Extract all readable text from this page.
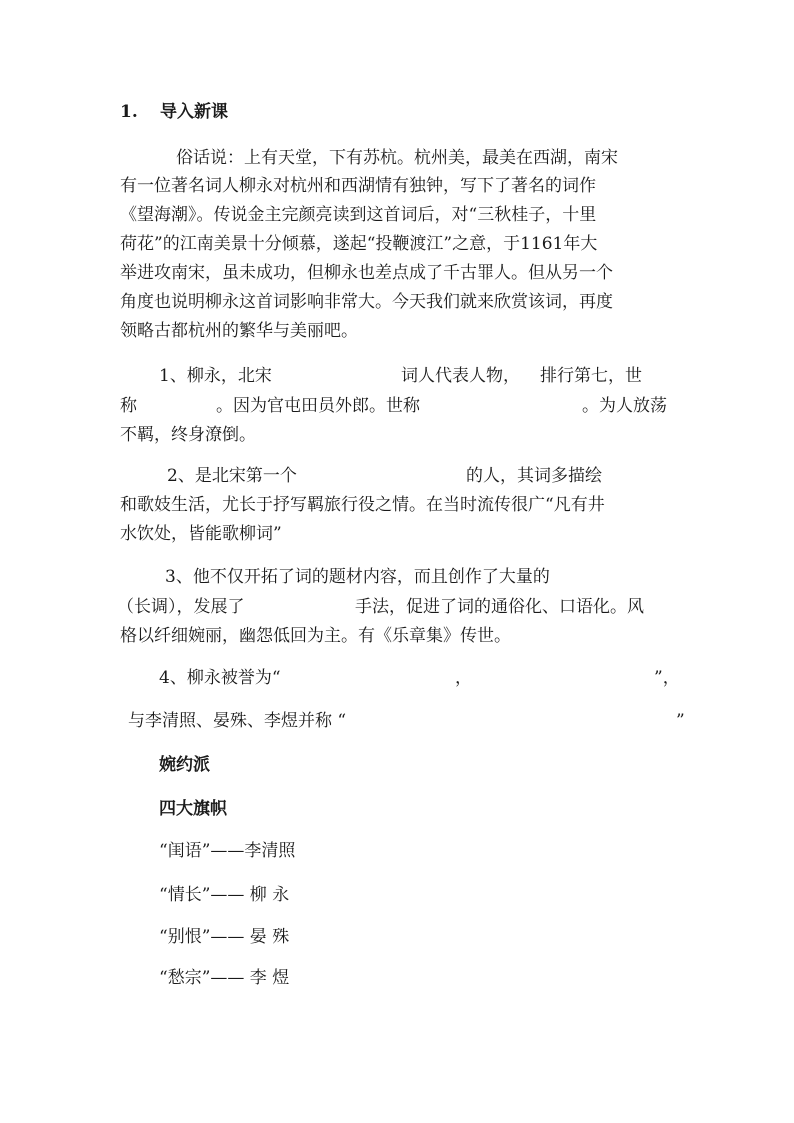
1. 导入新课
俗话说：上有天堂，下有苏杭。杭州美，最美在西湖，南宋
有一位著名词人柳永对杭州和西湖情有独钟，写下了著名的词作
《望海潮》。传说金主完颜亮读到这首词后，对“三秋桂子，十里
荷花”的江南美景十分倾慕，遂起“投鞭渡江”之意，于1161年大
举进攻南宋，虽未成功，但柳永也差点成了千古罪人。但从另一个
角度也说明柳永这首词影响非常大。今天我们就来欣赏该词，再度
领略古都杭州的繁华与美丽吧。
1、柳永，北宋	词人代表人物， 排行第七，世
称	。因为官屯田员外郎。世称	。为人放荡
不羁，终身潦倒。
2、是北宋第一个	的人，其词多描绘
和歌妓生活，尤长于抒写羁旅行役之情。在当时流传很广“凡有井
水饮处，皆能歌柳词”
3、他不仅开拓了词的题材内容，而且创作了大量的
（长调），发展了	手法，促进了词的通俗化、口语化。风
格以纤细婉丽，幽怨低回为主。有《乐章集》传世。
4、柳永被誉为“	，	”，
与李清照、晏殊、李煜并称 “	”
婉约派
四大旗帜
“闺语”——李清照
“情长”—— 柳 永
“别恨”—— 晏 殊
“愁宗”—— 李 煜
